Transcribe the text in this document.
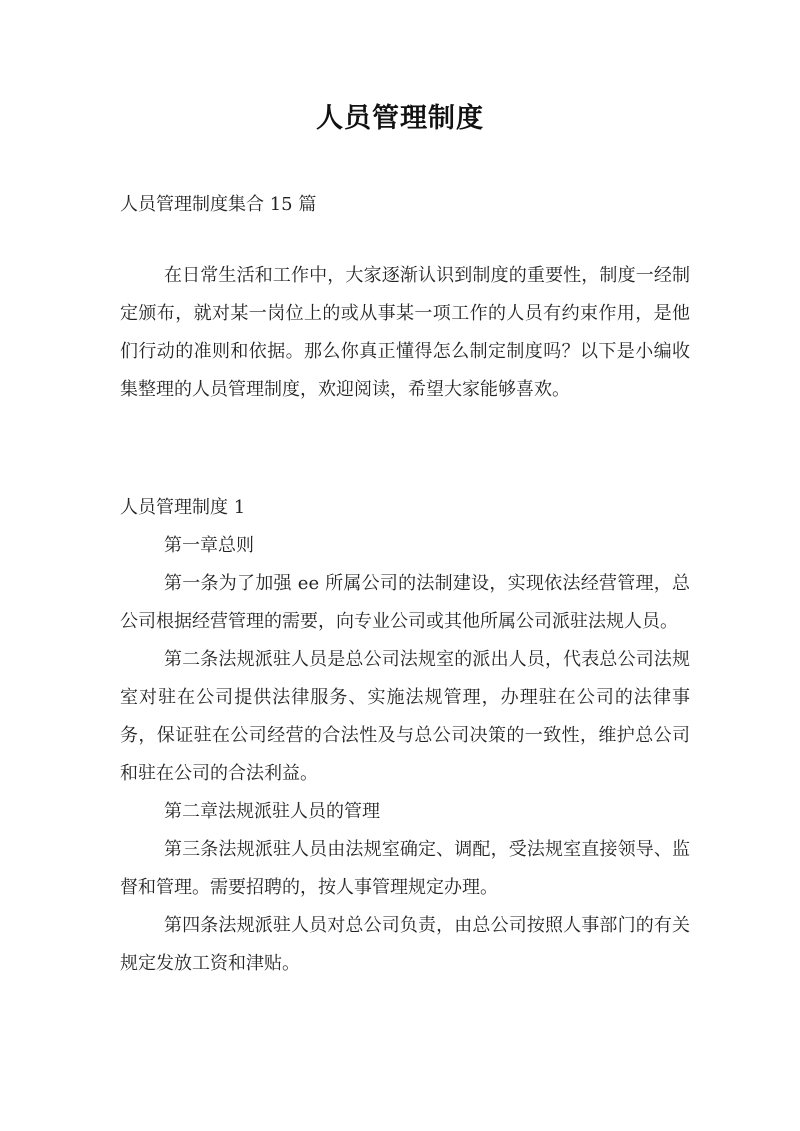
人员管理制度
人员管理制度集合 15 篇

在日常生活和工作中，大家逐渐认识到制度的重要性，制度一经制定颁布，就对某一岗位上的或从事某一项工作的人员有约束作用，是他们行动的准则和依据。那么你真正懂得怎么制定制度吗？以下是小编收集整理的人员管理制度，欢迎阅读，希望大家能够喜欢。

人员管理制度 1

第一章总则

第一条为了加强 ee 所属公司的法制建设，实现依法经营管理，总公司根据经营管理的需要，向专业公司或其他所属公司派驻法规人员。

第二条法规派驻人员是总公司法规室的派出人员，代表总公司法规室对驻在公司提供法律服务、实施法规管理，办理驻在公司的法律事务，保证驻在公司经营的合法性及与总公司决策的一致性，维护总公司和驻在公司的合法利益。

第二章法规派驻人员的管理

第三条法规派驻人员由法规室确定、调配，受法规室直接领导、监督和管理。需要招聘的，按人事管理规定办理。

第四条法规派驻人员对总公司负责，由总公司按照人事部门的有关规定发放工资和津贴。
